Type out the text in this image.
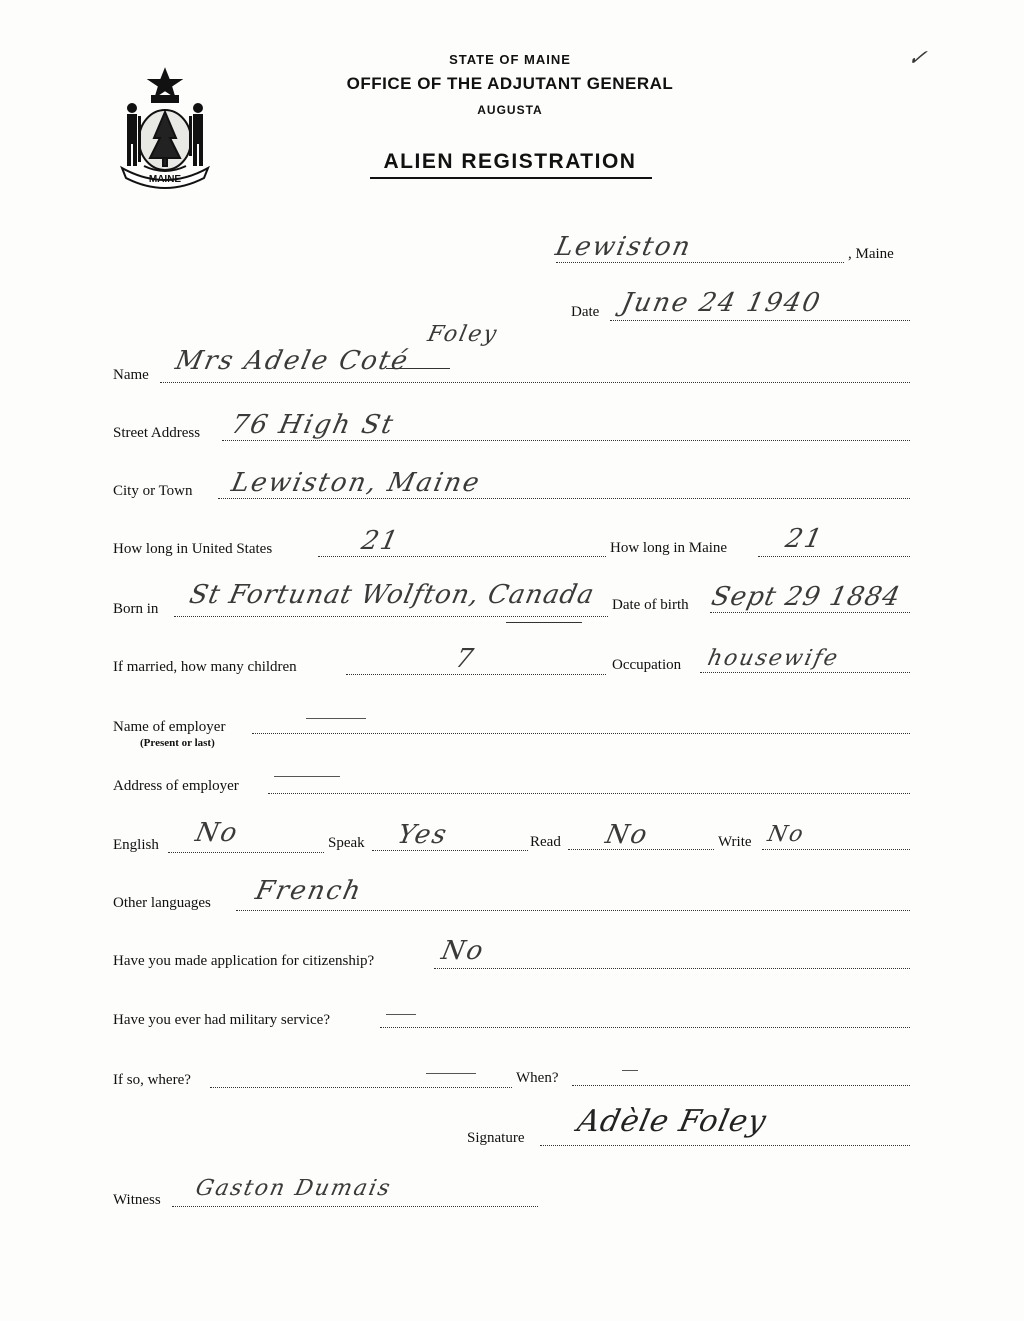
MAINE
STATE OF MAINE
OFFICE OF THE ADJUTANT GENERAL
AUGUSTA
ALIEN REGISTRATION
✓
Lewiston	, Maine
Date June 24 1940
Name Mrs Adele Coté
Foley
Street Address 76 High St
City or Town Lewiston, Maine
How long in United States	21	How long in Maine 21
Born in St Fortunat Wolfton, Canada Date of birth Sept 29 1884
If married, how many children	7	Occupation housewife
Name of employer
(Present or last)
Address of employer
English No	Speak Yes	Read No	Write No
Other languages French
Have you made application for citizenship? No
Have you ever had military service?
If so, where?	When?
Signature Adèle Foley
Witness Gaston Dumais
